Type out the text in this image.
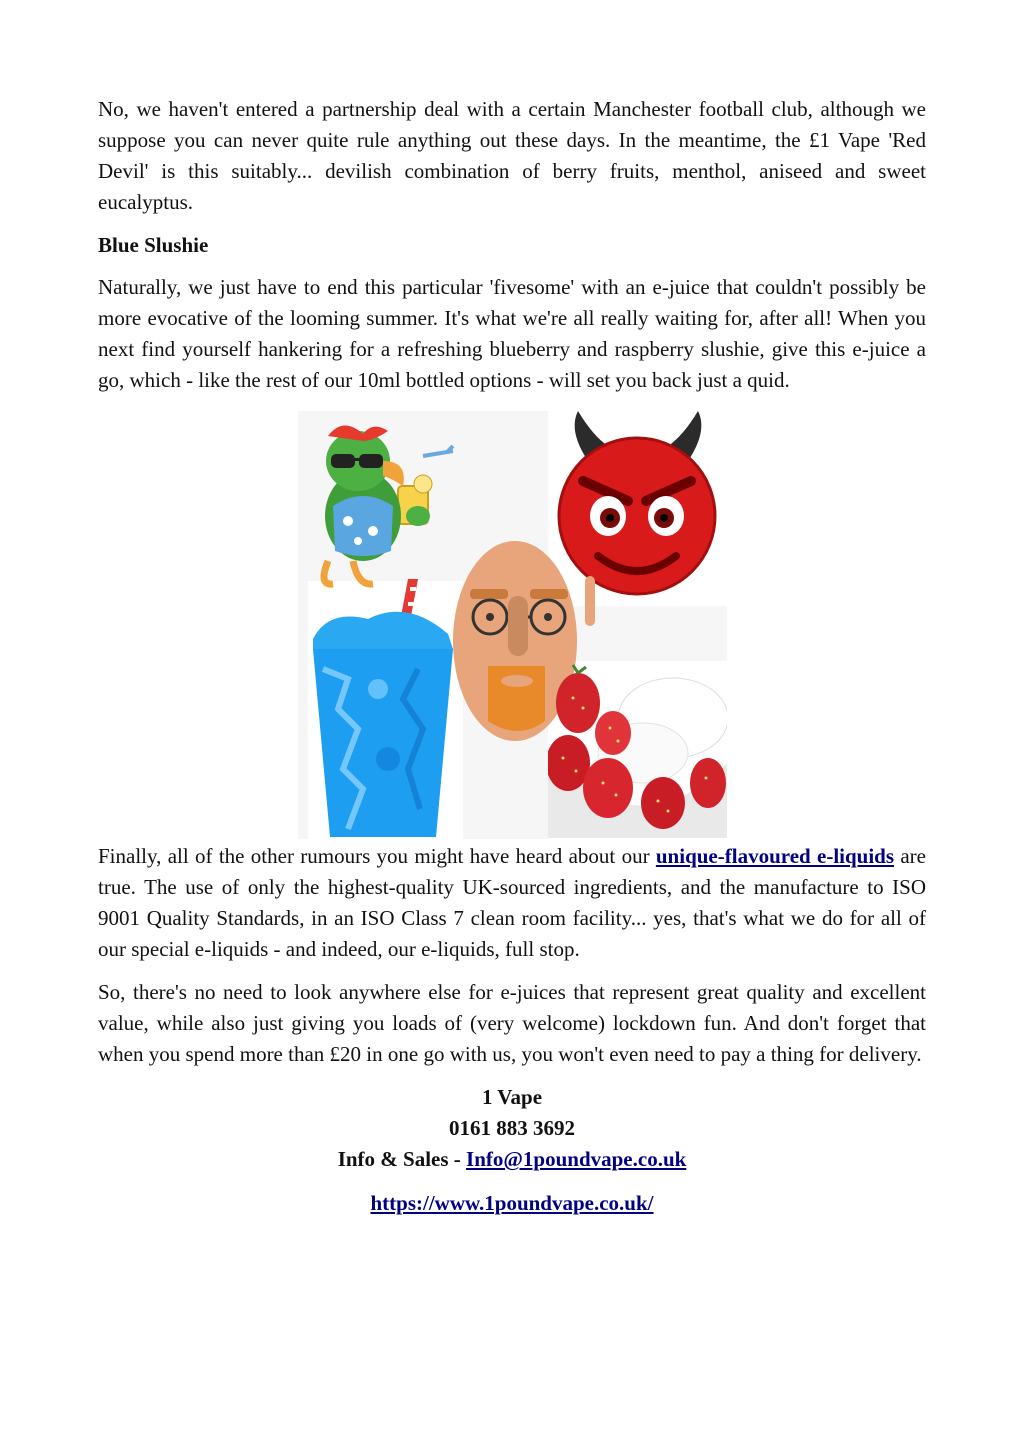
No, we haven't entered a partnership deal with a certain Manchester football club, although we suppose you can never quite rule anything out these days. In the meantime, the £1 Vape 'Red Devil' is this suitably... devilish combination of berry fruits, menthol, aniseed and sweet eucalyptus.

Blue Slushie

Naturally, we just have to end this particular 'fivesome' with an e-juice that couldn't possibly be more evocative of the looming summer. It's what we're all really waiting for, after all! When you next find yourself hankering for a refreshing blueberry and raspberry slushie, give this e-juice a go, which - like the rest of our 10ml bottled options - will set you back just a quid.

Finally, all of the other rumours you might have heard about our unique-flavoured e-liquids are true. The use of only the highest-quality UK-sourced ingredients, and the manufacture to ISO 9001 Quality Standards, in an ISO Class 7 clean room facility... yes, that's what we do for all of our special e-liquids - and indeed, our e-liquids, full stop.

So, there's no need to look anywhere else for e-juices that represent great quality and excellent value, while also just giving you loads of (very welcome) lockdown fun. And don't forget that when you spend more than £20 in one go with us, you won't even need to pay a thing for delivery.

1 Vape
0161 883 3692
Info & Sales - Info@1poundvape.co.uk
https://www.1poundvape.co.uk/
